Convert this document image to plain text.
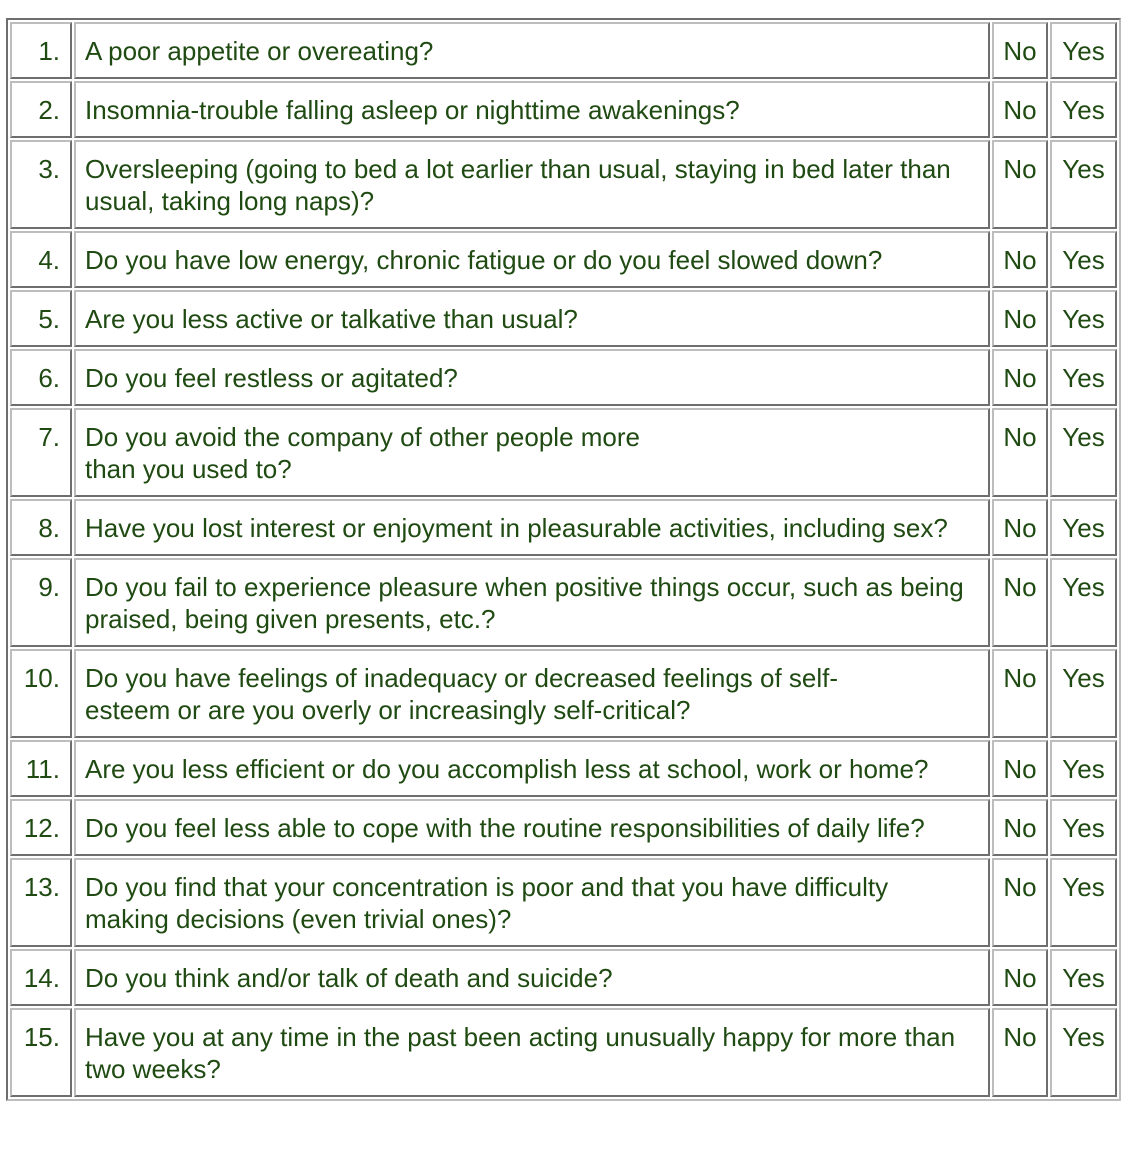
1.	A poor appetite or overeating?	No	Yes
2.	Insomnia-trouble falling asleep or nighttime awakenings?	No	Yes
3.	Oversleeping (going to bed a lot earlier than usual, staying in bed later than usual, taking long naps)?	No	Yes
4.	Do you have low energy, chronic fatigue or do you feel slowed down?	No	Yes
5.	Are you less active or talkative than usual?	No	Yes
6.	Do you feel restless or agitated?	No	Yes
7.	Do you avoid the company of other people more
than you used to?	No	Yes
8.	Have you lost interest or enjoyment in pleasurable activities, including sex?	No	Yes
9.	Do you fail to experience pleasure when positive things occur, such as being praised, being given presents, etc.?	No	Yes
10.	Do you have feelings of inadequacy or decreased feelings of self-
esteem or are you overly or increasingly self-critical?	No	Yes
11.	Are you less efficient or do you accomplish less at school, work or home?	No	Yes
12.	Do you feel less able to cope with the routine responsibilities of daily life?	No	Yes
13.	Do you find that your concentration is poor and that you have difficulty making decisions (even trivial ones)?	No	Yes
14.	Do you think and/or talk of death and suicide?	No	Yes
15.	Have you at any time in the past been acting unusually happy for more than two weeks?	No	Yes
